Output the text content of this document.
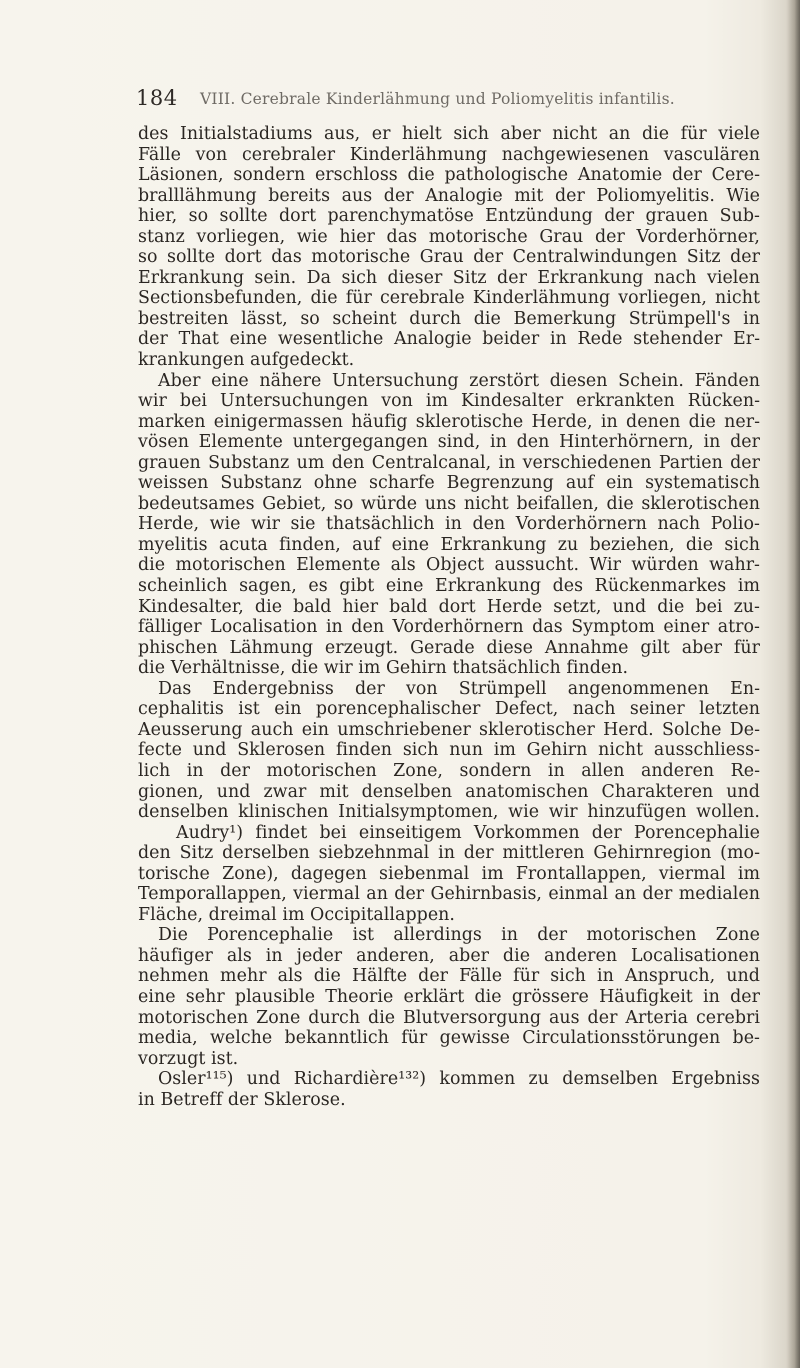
184 VIII. Cerebrale Kinderlähmung und Poliomyelitis infantilis.
des Initialstadiums aus, er hielt sich aber nicht an die für viele
Fälle von cerebraler Kinderlähmung nachgewiesenen vasculären
Läsionen, sondern erschloss die pathologische Anatomie der Cere-
bralllähmung bereits aus der Analogie mit der Poliomyelitis. Wie
hier, so sollte dort parenchymatöse Entzündung der grauen Sub-
stanz vorliegen, wie hier das motorische Grau der Vorderhörner,
so sollte dort das motorische Grau der Centralwindungen Sitz der
Erkrankung sein. Da sich dieser Sitz der Erkrankung nach vielen
Sectionsbefunden, die für cerebrale Kinderlähmung vorliegen, nicht
bestreiten lässt, so scheint durch die Bemerkung Strümpell's in
der That eine wesentliche Analogie beider in Rede stehender Er-
krankungen aufgedeckt.
Aber eine nähere Untersuchung zerstört diesen Schein. Fänden
wir bei Untersuchungen von im Kindesalter erkrankten Rücken-
marken einigermassen häufig sklerotische Herde, in denen die ner-
vösen Elemente untergegangen sind, in den Hinterhörnern, in der
grauen Substanz um den Centralcanal, in verschiedenen Partien der
weissen Substanz ohne scharfe Begrenzung auf ein systematisch
bedeutsames Gebiet, so würde uns nicht beifallen, die sklerotischen
Herde, wie wir sie thatsächlich in den Vorderhörnern nach Polio-
myelitis acuta finden, auf eine Erkrankung zu beziehen, die sich
die motorischen Elemente als Object aussucht. Wir würden wahr-
scheinlich sagen, es gibt eine Erkrankung des Rückenmarkes im
Kindesalter, die bald hier bald dort Herde setzt, und die bei zu-
fälliger Localisation in den Vorderhörnern das Symptom einer atro-
phischen Lähmung erzeugt. Gerade diese Annahme gilt aber für
die Verhältnisse, die wir im Gehirn thatsächlich finden.
Das Endergebniss der von Strümpell angenommenen En-
cephalitis ist ein porencephalischer Defect, nach seiner letzten
Aeusserung auch ein umschriebener sklerotischer Herd. Solche De-
fecte und Sklerosen finden sich nun im Gehirn nicht ausschliess-
lich in der motorischen Zone, sondern in allen anderen Re-
gionen, und zwar mit denselben anatomischen Charakteren und
denselben klinischen Initialsymptomen, wie wir hinzufügen wollen.
Audry¹) findet bei einseitigem Vorkommen der Porencephalie
den Sitz derselben siebzehnmal in der mittleren Gehirnregion (mo-
torische Zone), dagegen siebenmal im Frontallappen, viermal im
Temporallappen, viermal an der Gehirnbasis, einmal an der medialen
Fläche, dreimal im Occipitallappen.
Die Porencephalie ist allerdings in der motorischen Zone
häufiger als in jeder anderen, aber die anderen Localisationen
nehmen mehr als die Hälfte der Fälle für sich in Anspruch, und
eine sehr plausible Theorie erklärt die grössere Häufigkeit in der
motorischen Zone durch die Blutversorgung aus der Arteria cerebri
media, welche bekanntlich für gewisse Circulationsstörungen be-
vorzugt ist.
Osler¹¹⁵) und Richardière¹³²) kommen zu demselben Ergebniss
in Betreff der Sklerose.
